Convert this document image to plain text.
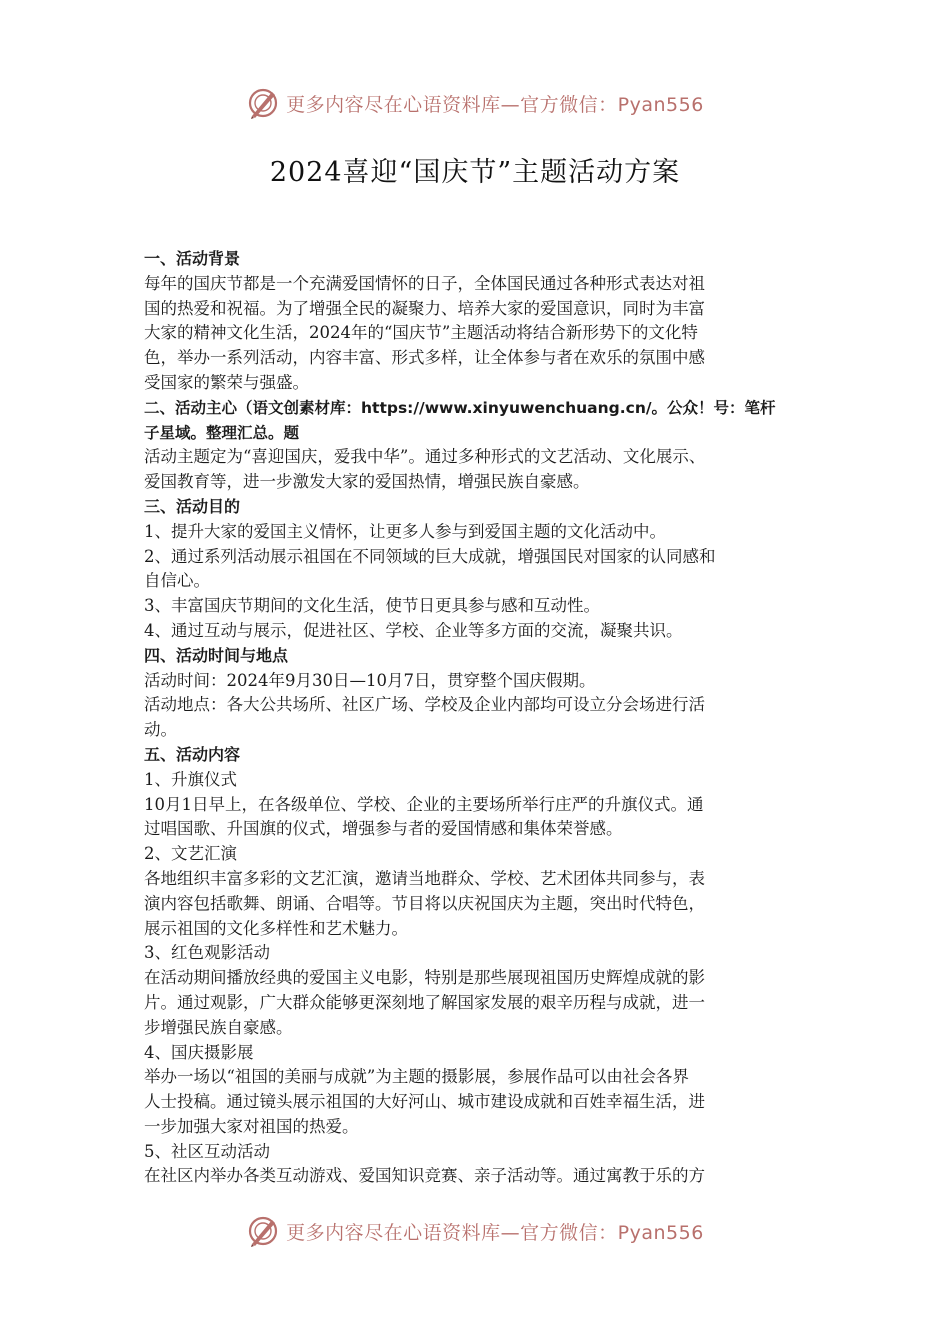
更多内容尽在心语资料库—官方微信：Pyan556
2024喜迎“国庆节”主题活动方案
一、活动背景
每年的国庆节都是一个充满爱国情怀的日子，全体国民通过各种形式表达对祖
国的热爱和祝福。为了增强全民的凝聚力、培养大家的爱国意识，同时为丰富
大家的精神文化生活，2024年的“国庆节”主题活动将结合新形势下的文化特
色，举办一系列活动，内容丰富、形式多样，让全体参与者在欢乐的氛围中感
受国家的繁荣与强盛。
二、活动主心（语文创素材库：https://www.xinyuwenchuang.cn/。公众！号：笔杆
子星域。整理汇总。题
活动主题定为“喜迎国庆，爱我中华”。通过多种形式的文艺活动、文化展示、
爱国教育等，进一步激发大家的爱国热情，增强民族自豪感。
三、活动目的
1、提升大家的爱国主义情怀，让更多人参与到爱国主题的文化活动中。
2、通过系列活动展示祖国在不同领域的巨大成就，增强国民对国家的认同感和
自信心。
3、丰富国庆节期间的文化生活，使节日更具参与感和互动性。
4、通过互动与展示，促进社区、学校、企业等多方面的交流，凝聚共识。
四、活动时间与地点
活动时间：2024年9月30日—10月7日，贯穿整个国庆假期。
活动地点：各大公共场所、社区广场、学校及企业内部均可设立分会场进行活
动。
五、活动内容
1、升旗仪式
10月1日早上，在各级单位、学校、企业的主要场所举行庄严的升旗仪式。通
过唱国歌、升国旗的仪式，增强参与者的爱国情感和集体荣誉感。
2、文艺汇演
各地组织丰富多彩的文艺汇演，邀请当地群众、学校、艺术团体共同参与，表
演内容包括歌舞、朗诵、合唱等。节目将以庆祝国庆为主题，突出时代特色，
展示祖国的文化多样性和艺术魅力。
3、红色观影活动
在活动期间播放经典的爱国主义电影，特别是那些展现祖国历史辉煌成就的影
片。通过观影，广大群众能够更深刻地了解国家发展的艰辛历程与成就，进一
步增强民族自豪感。
4、国庆摄影展
举办一场以“祖国的美丽与成就”为主题的摄影展，参展作品可以由社会各界
人士投稿。通过镜头展示祖国的大好河山、城市建设成就和百姓幸福生活，进
一步加强大家对祖国的热爱。
5、社区互动活动
在社区内举办各类互动游戏、爱国知识竞赛、亲子活动等。通过寓教于乐的方
更多内容尽在心语资料库—官方微信：Pyan556
